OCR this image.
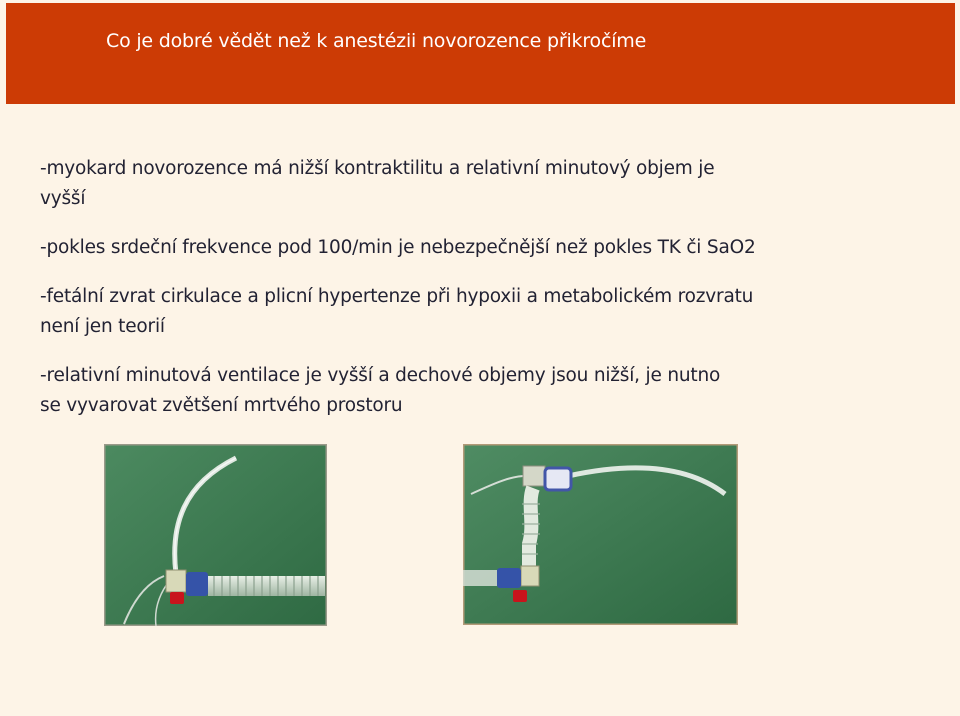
Co je dobré vědět než k anestézii novorozence přikročíme
-myokard novorozence má nižší kontraktilitu a relativní minutový objem je
vyšší
-pokles srdeční frekvence pod 100/min je nebezpečnější než pokles TK či SaO2
-fetální zvrat cirkulace a plicní hypertenze při hypoxii a metabolickém rozvratu
není jen teorií
-relativní minutová ventilace je vyšší a dechové objemy jsou nižší, je nutno
se vyvarovat zvětšení mrtvého prostoru
